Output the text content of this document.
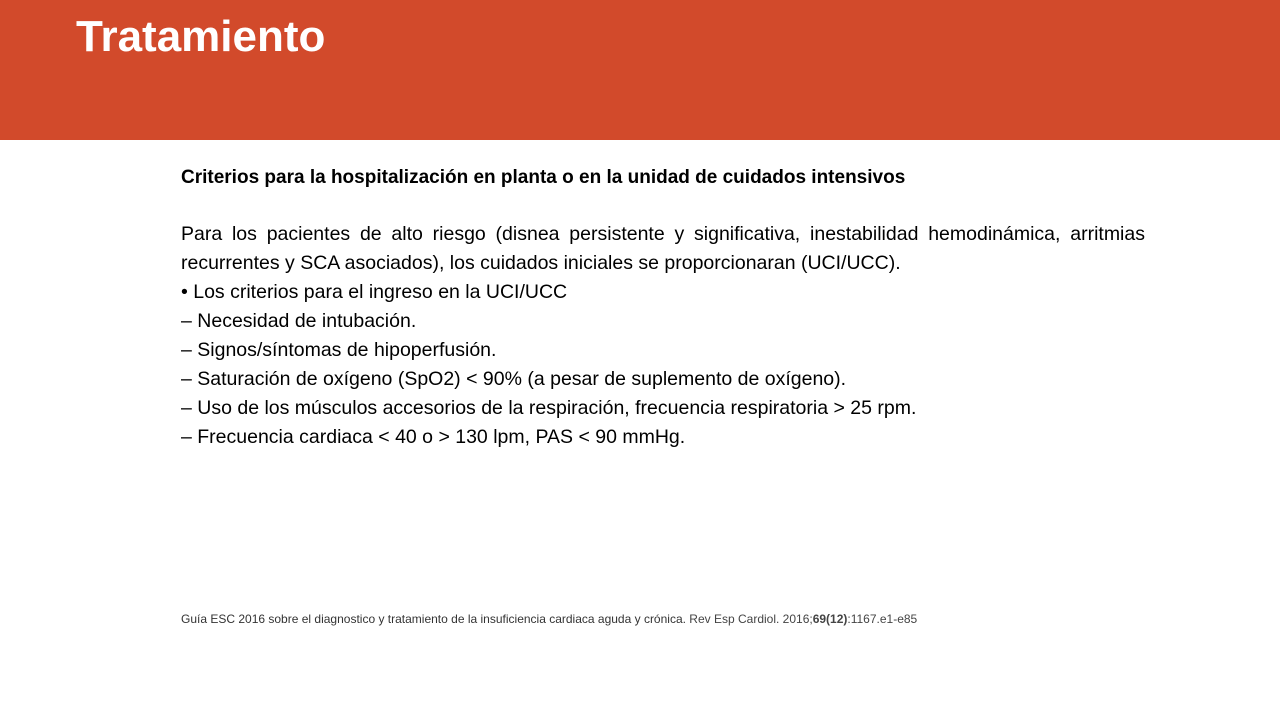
Tratamiento

Criterios para la hospitalización en planta o en la unidad de cuidados intensivos

Para los pacientes de alto riesgo (disnea persistente y significativa, inestabilidad hemodinámica, arritmias recurrentes y SCA asociados), los cuidados iniciales se proporcionaran (UCI/UCC).

• Los criterios para el ingreso en la UCI/UCC

– Necesidad de intubación.

– Signos/síntomas de hipoperfusión.

– Saturación de oxígeno (SpO2) < 90% (a pesar de suplemento de oxígeno).

– Uso de los músculos accesorios de la respiración, frecuencia respiratoria > 25 rpm.

– Frecuencia cardiaca < 40 o > 130 lpm, PAS < 90 mmHg.

Guía ESC 2016 sobre el diagnostico y tratamiento de la insuficiencia cardiaca aguda y crónica. Rev Esp Cardiol. 2016;69(12):1167.e1-e85
